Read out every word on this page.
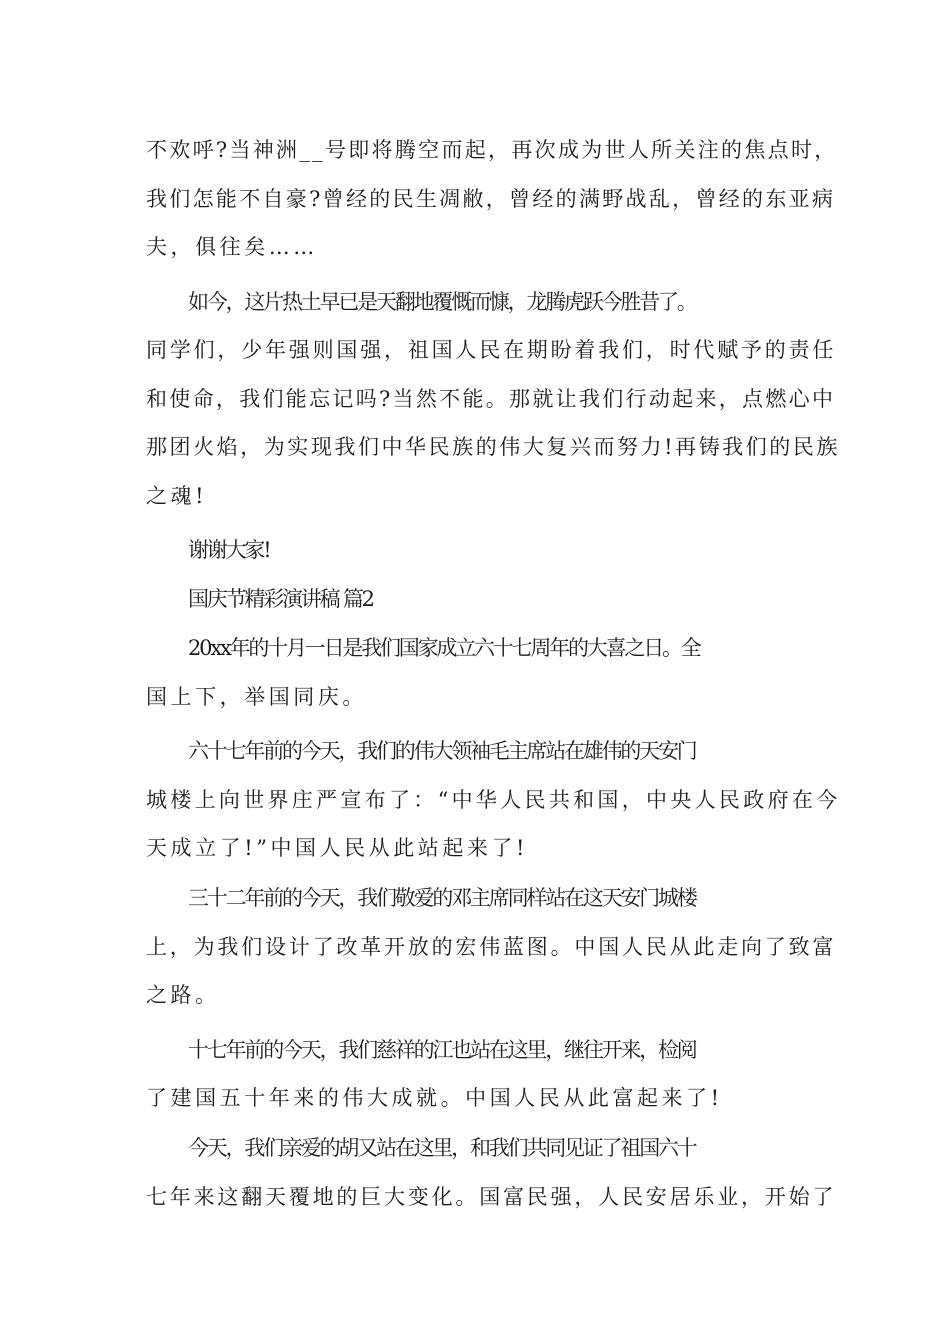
不欢呼?当神洲__号即将腾空而起，再次成为世人所关注的焦点时，

我们怎能不自豪?曾经的民生凋敝，曾经的满野战乱，曾经的东亚病

夫，俱往矣……

如今，这片热土早已是天翻地覆慨而慷，龙腾虎跃今胜昔了。

同学们，少年强则国强，祖国人民在期盼着我们，时代赋予的责任

和使命，我们能忘记吗?当然不能。那就让我们行动起来，点燃心中

那团火焰，为实现我们中华民族的伟大复兴而努力!再铸我们的民族

之魂!

谢谢大家!

国庆节精彩演讲稿 篇2

20xx年的十月一日是我们国家成立六十七周年的大喜之日。全

国上下，举国同庆。

六十七年前的今天，我们的伟大领袖毛主席站在雄伟的天安门

城楼上向世界庄严宣布了：“中华人民共和国，中央人民政府在今

天成立了!”中国人民从此站起来了!

三十二年前的今天，我们敬爱的邓主席同样站在这天安门城楼

上，为我们设计了改革开放的宏伟蓝图。中国人民从此走向了致富

之路。

十七年前的今天，我们慈祥的江也站在这里，继往开来，检阅

了建国五十年来的伟大成就。中国人民从此富起来了!

今天，我们亲爱的胡又站在这里，和我们共同见证了祖国六十

七年来这翻天覆地的巨大变化。国富民强，人民安居乐业，开始了
